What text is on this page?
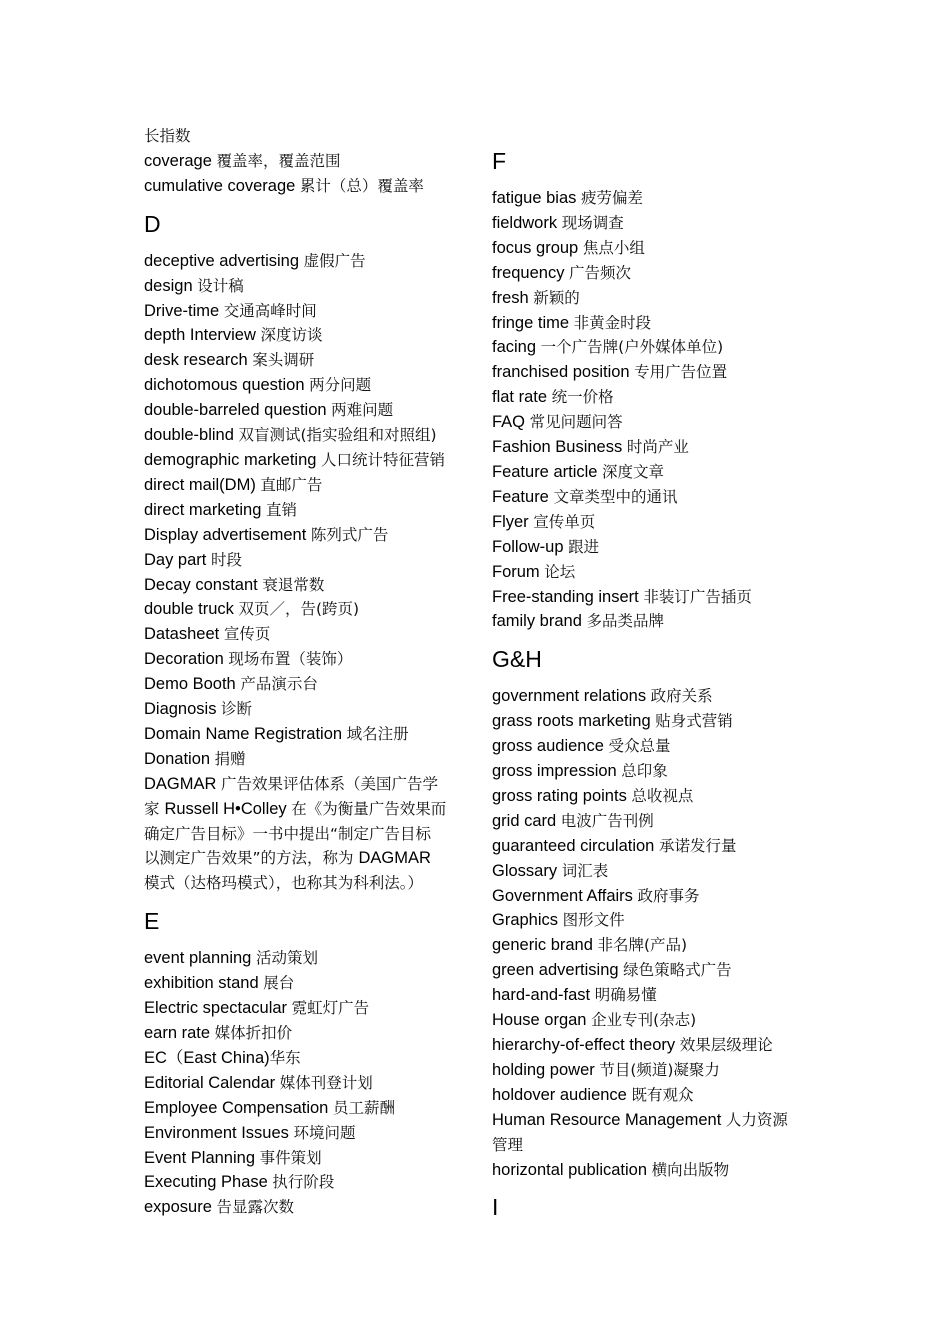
长指数
coverage 覆盖率，覆盖范围
cumulative coverage 累计（总）覆盖率
D
deceptive advertising 虚假广告
design 设计稿
Drive-time 交通高峰时间
depth Interview 深度访谈
desk research 案头调研
dichotomous question 两分问题
double-barreled question 两难问题
double-blind 双盲测试(指实验组和对照组)
demographic marketing 人口统计特征营销
direct mail(DM) 直邮广告
direct marketing 直销
Display advertisement 陈列式广告
Day part 时段
Decay constant 衰退常数
double truck 双页／，告(跨页)
Datasheet 宣传页
Decoration 现场布置（装饰）
Demo Booth 产品演示台
Diagnosis 诊断
Domain Name Registration 域名注册
Donation 捐赠
DAGMAR 广告效果评估体系（美国广告学
家 Russell H•Colley 在《为衡量广告效果而
确定广告目标》一书中提出“制定广告目标
以测定广告效果”的方法，称为 DAGMAR
模式（达格玛模式），也称其为科利法。）
E
event planning 活动策划
exhibition stand 展台
Electric spectacular 霓虹灯广告
earn rate 媒体折扣价
EC（East China)华东
Editorial Calendar 媒体刊登计划
Employee Compensation 员工薪酬
Environment Issues 环境问题
Event Planning 事件策划
Executing Phase 执行阶段
exposure 告显露次数
F
fatigue bias 疲劳偏差
fieldwork 现场调查
focus group 焦点小组
frequency 广告频次
fresh 新颖的
fringe time 非黄金时段
facing 一个广告牌(户外媒体单位)
franchised position 专用广告位置
flat rate 统一价格
FAQ 常见问题问答
Fashion Business 时尚产业
Feature article 深度文章
Feature 文章类型中的通讯
Flyer 宣传单页
Follow-up 跟进
Forum 论坛
Free-standing insert 非装订广告插页
family brand 多品类品牌
G&H
government relations 政府关系
grass roots marketing 贴身式营销
gross audience 受众总量
gross impression 总印象
gross rating points 总收视点
grid card 电波广告刊例
guaranteed circulation 承诺发行量
Glossary 词汇表
Government Affairs 政府事务
Graphics 图形文件
generic brand 非名牌(产品)
green advertising 绿色策略式广告
hard-and-fast 明确易懂
House organ 企业专刊(杂志)
hierarchy-of-effect theory 效果层级理论
holding power 节目(频道)凝聚力
holdover audience 既有观众
Human Resource Management 人力资源
管理
horizontal publication 横向出版物
I
